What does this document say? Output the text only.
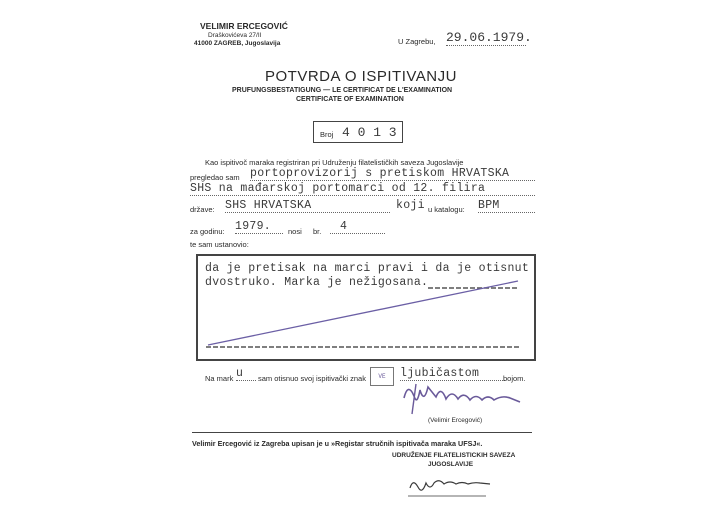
VELIMIR ERCEGOVIĆ
Draškovićeva 27/II
41000 ZAGREB, Jugoslavija	U Zagrebu, 29.06.1979.
POTVRDA O ISPITIVANJU
PRUFUNGSBESTATIGUNG — LE CERTIFICAT DE L'EXAMINATION
CERTIFICATE OF EXAMINATION
Broj 4 0 1 3
Kao ispitivoč maraka registriran pri Udruženju filatelističkih saveza Jugoslavije
pregledao sam portoprovizorij s pretiskom HRVATSKA
SHS na mađarskoj portomarci od 12. filira
države: SHS HRVATSKA	koji u katalogu: BPM
za godinu: 1979.	nosi br.	4
te sam ustanovio:
da je pretisak na marci pravi i da je otisnut
dvostruko. Marka je nežigosana.
Na mark u	sam otisnuo svoj ispitivački znak	VE	ljubičastom	bojom.
(Velimir Ercegović)
Velimir Ercegović iz Zagreba upisan je u »Registar stručnih ispitivača maraka UFSJ«.
UDRUŽENJE FILATELISTICKIH SAVEZA
JUGOSLAVIJE
